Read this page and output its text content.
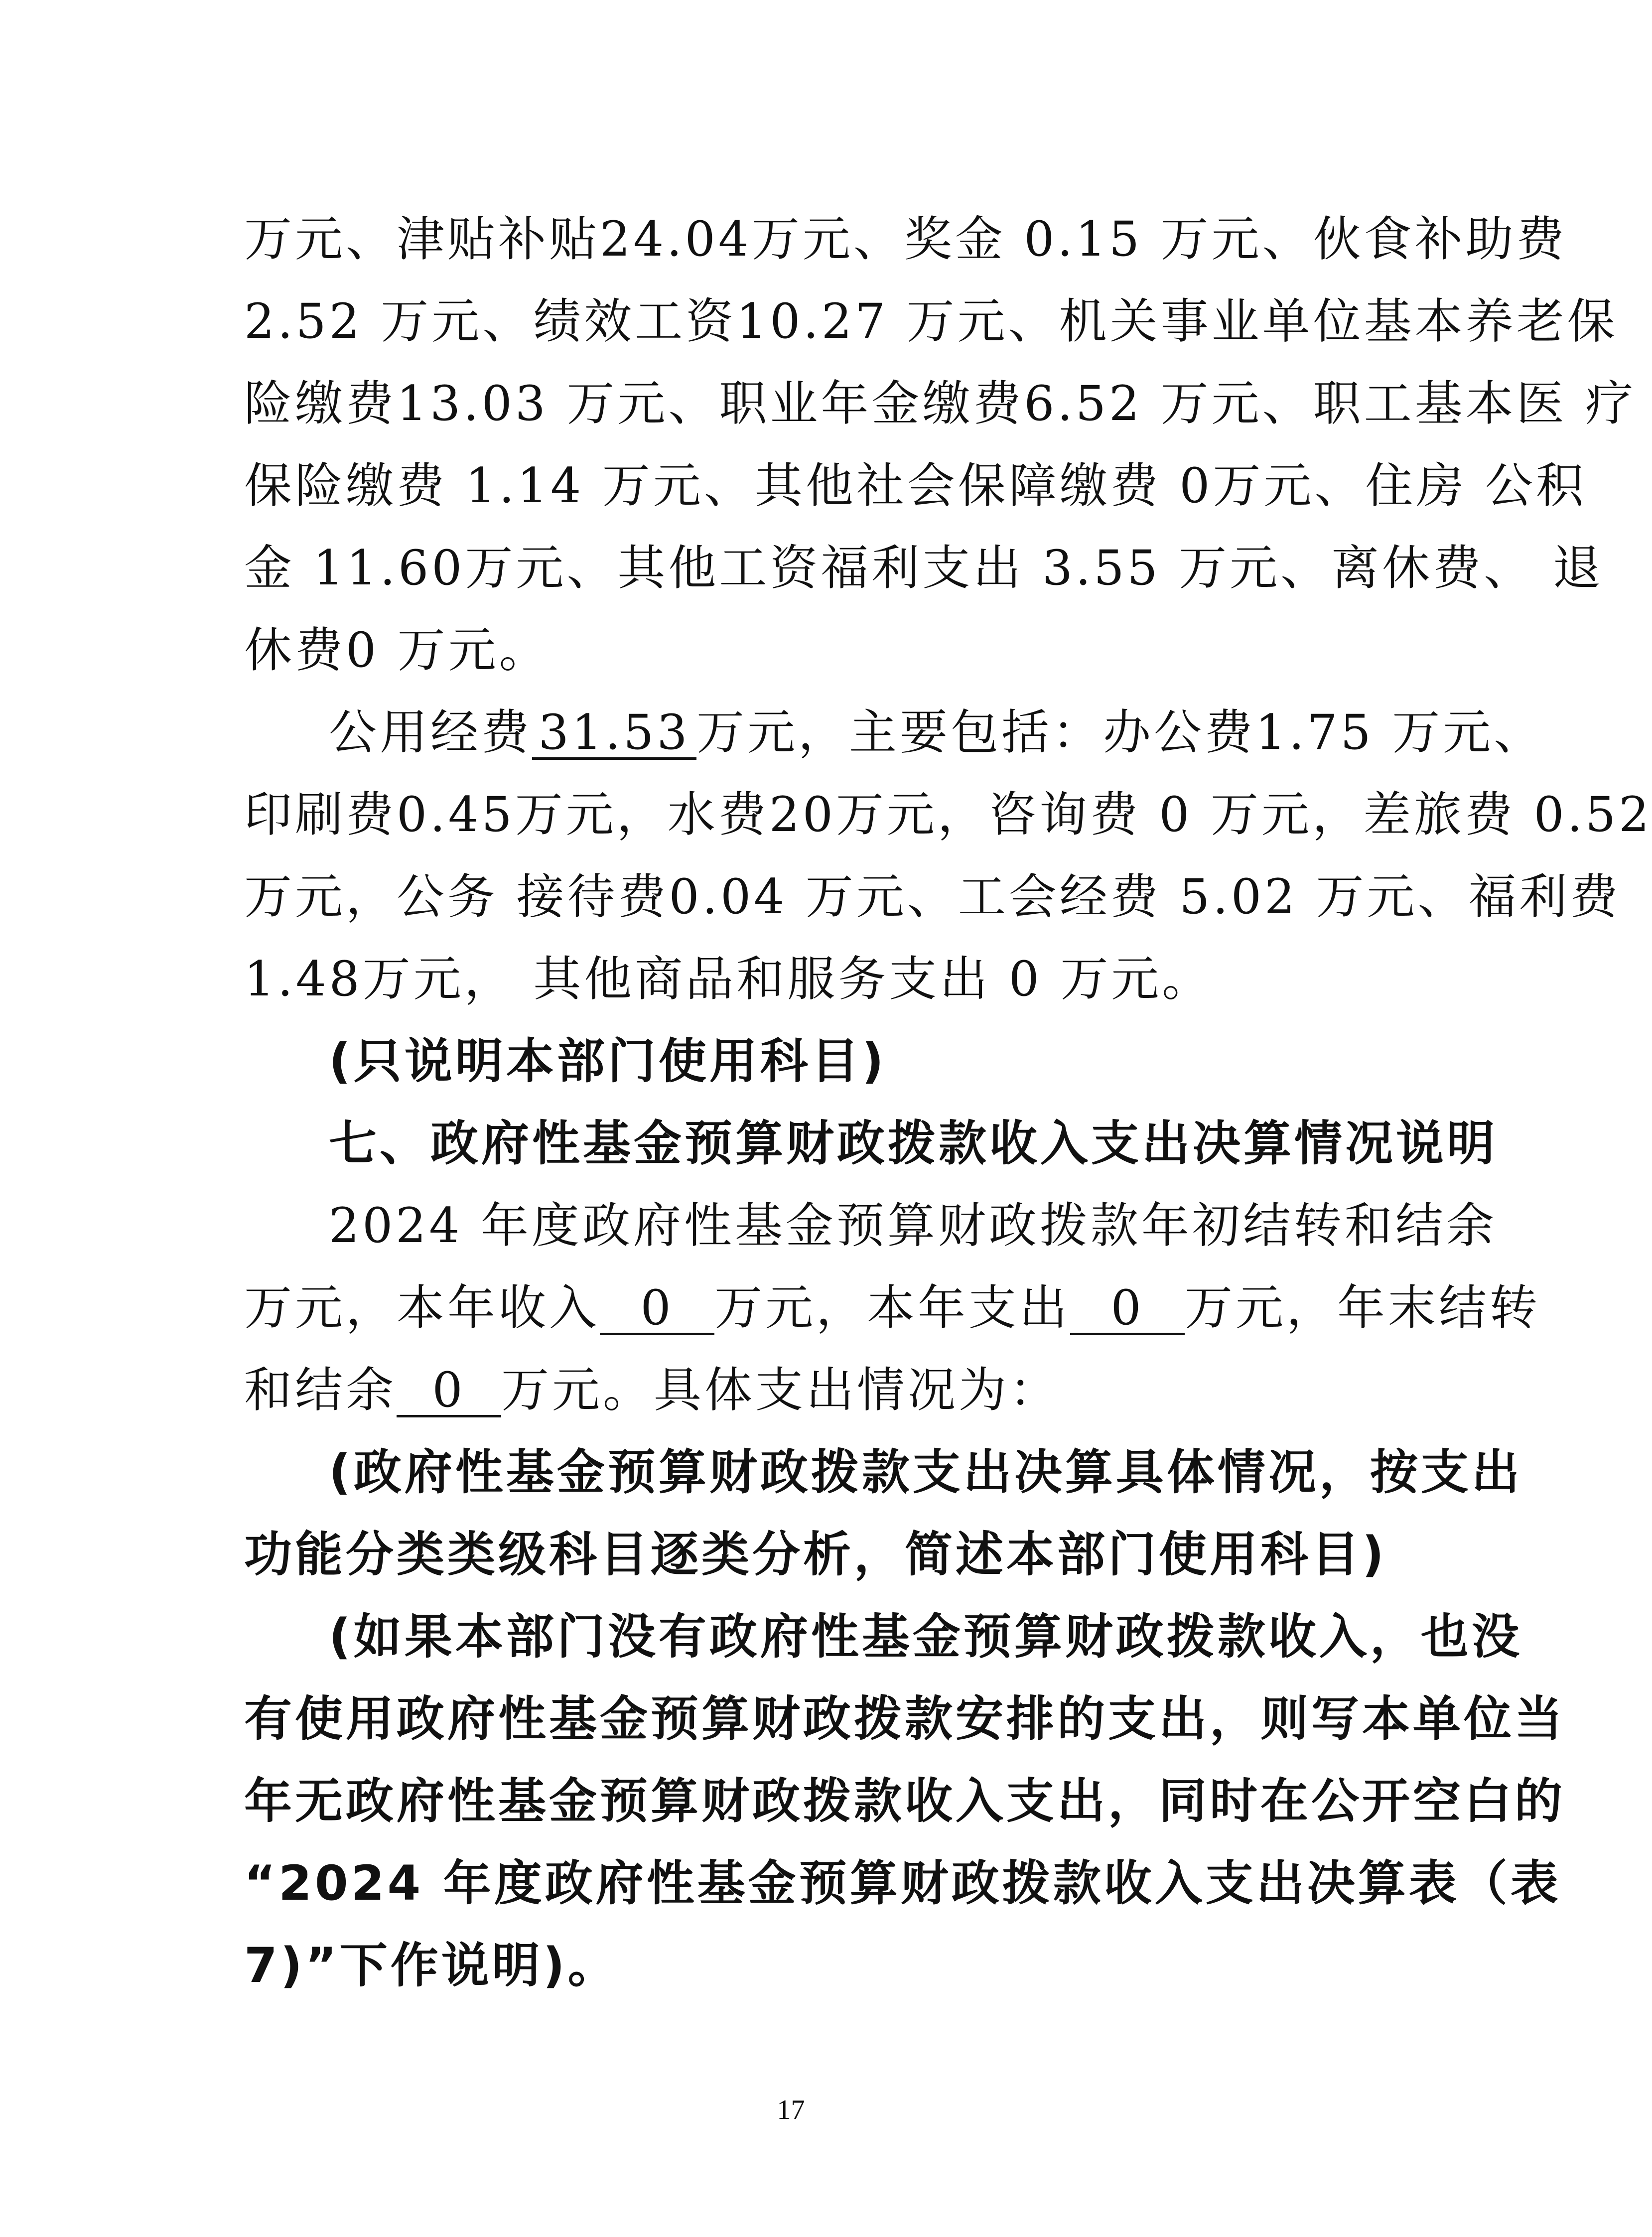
万元、津贴补贴24.04万元、奖金 0.15 万元、伙食补助费
2.52 万元、绩效工资10.27 万元、机关事业单位基本养老保
险缴费13.03 万元、职业年金缴费6.52 万元、职工基本医 疗
保险缴费 1.14 万元、其他社会保障缴费 0万元、住房 公积
金 11.60万元、其他工资福利支出 3.55 万元、离休费、 退
休费0 万元。
公用经费 31.53 万元，主要包括：办公费1.75 万元、
印刷费0.45万元，水费20万元，咨询费 0 万元，差旅费 0.52
万元，公务 接待费0.04 万元、工会经费 5.02 万元、福利费
1.48万元， 其他商品和服务支出 0 万元。
(只说明本部门使用科目)
七、政府性基金预算财政拨款收入支出决算情况说明
2024 年度政府性基金预算财政拨款年初结转和结余
万元，本年收入 0 万元，本年支出 0 万元，年末结转
和结余 0 万元。具体支出情况为：
(政府性基金预算财政拨款支出决算具体情况，按支出
功能分类类级科目逐类分析，简述本部门使用科目)
(如果本部门没有政府性基金预算财政拨款收入，也没
有使用政府性基金预算财政拨款安排的支出，则写本单位当
年无政府性基金预算财政拨款收入支出，同时在公开空白的
“2024 年度政府性基金预算财政拨款收入支出决算表（表
7)”下作说明)。
17
